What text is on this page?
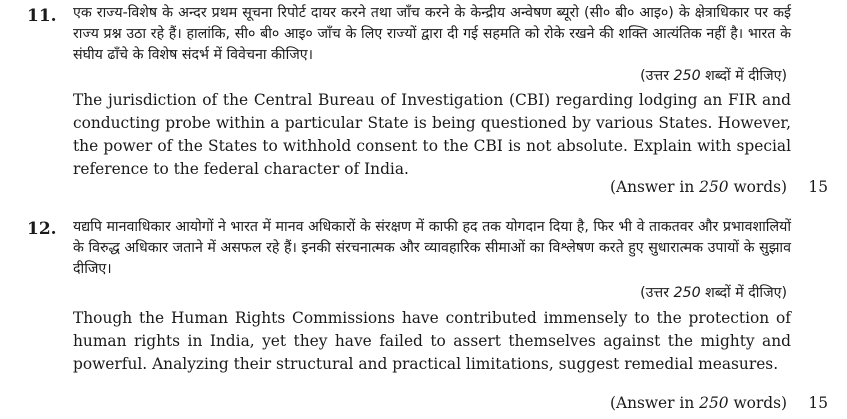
11. एक राज्य-विशेष के अन्दर प्रथम सूचना रिपोर्ट दायर करने तथा जाँच करने के केन्द्रीय अन्वेषण ब्यूरो (सी० बी० आइ०) के क्षेत्राधिकार पर कई राज्य प्रश्न उठा रहे हैं। हालांकि, सी० बी० आइ० जाँच के लिए राज्यों द्वारा दी गई सहमति को रोके रखने की शक्ति आत्यंतिक नहीं है। भारत के संघीय ढाँचे के विशेष संदर्भ में विवेचना कीजिए।
(उत्तर 250 शब्दों में दीजिए)
The jurisdiction of the Central Bureau of Investigation (CBI) regarding lodging an FIR and conducting probe within a particular State is being questioned by various States. However, the power of the States to withhold consent to the CBI is not absolute. Explain with special reference to the federal character of India.
(Answer in 250 words) 15
12. यद्यपि मानवाधिकार आयोगों ने भारत में मानव अधिकारों के संरक्षण में काफी हद तक योगदान दिया है, फिर भी वे ताकतवर और प्रभावशालियों के विरुद्ध अधिकार जताने में असफल रहे हैं। इनकी संरचनात्मक और व्यावहारिक सीमाओं का विश्लेषण करते हुए सुधारात्मक उपायों के सुझाव दीजिए।
(उत्तर 250 शब्दों में दीजिए)
Though the Human Rights Commissions have contributed immensely to the protection of human rights in India, yet they have failed to assert themselves against the mighty and powerful. Analyzing their structural and practical limitations, suggest remedial measures.
(Answer in 250 words) 15
